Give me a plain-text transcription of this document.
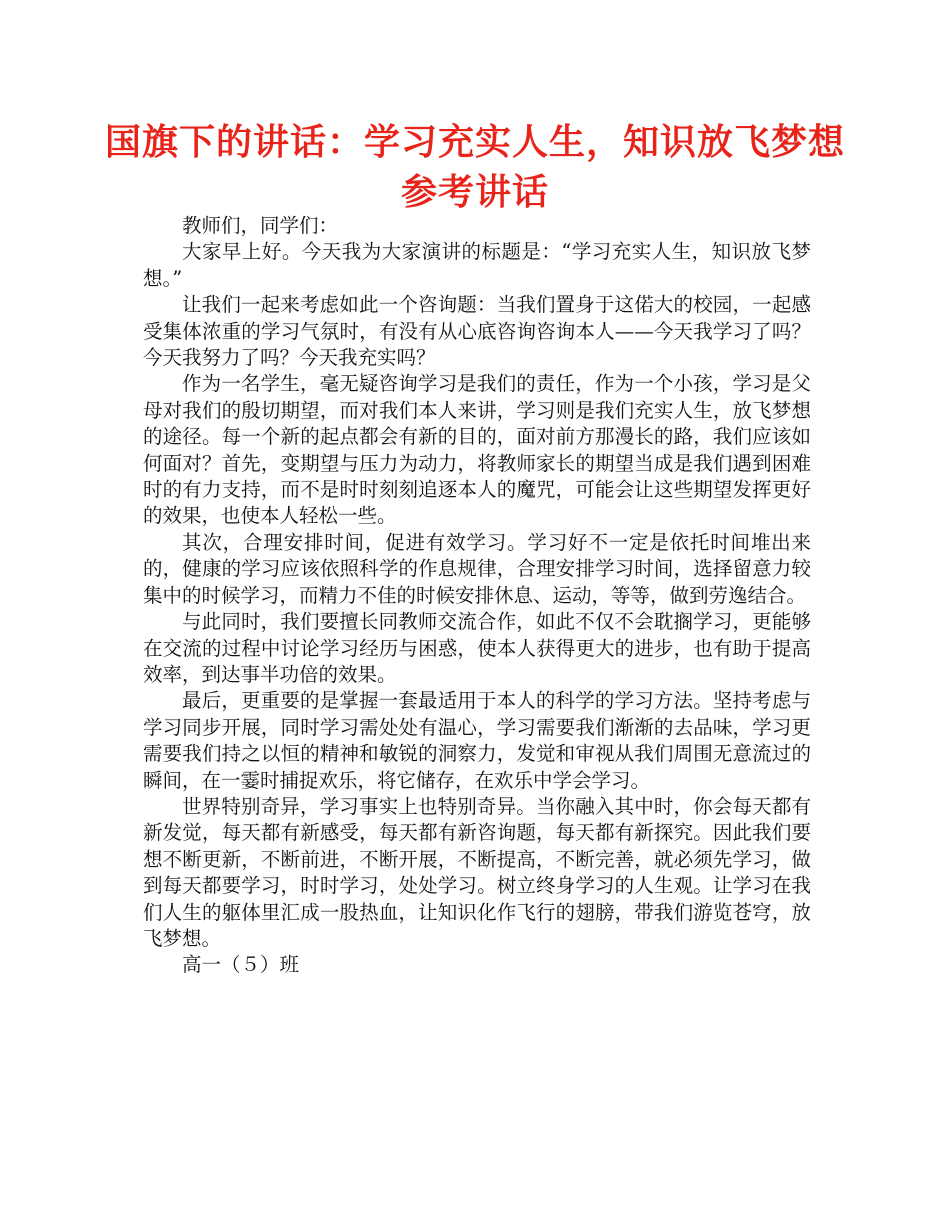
国旗下的讲话：学习充实人生，知识放飞梦想参考讲话

教师们，同学们：

大家早上好。今天我为大家演讲的标题是：“学习充实人生，知识放飞梦想。”

让我们一起来考虑如此一个咨询题：当我们置身于这偌大的校园，一起感受集体浓重的学习气氛时，有没有从心底咨询咨询本人——今天我学习了吗？今天我努力了吗？今天我充实吗？

作为一名学生，毫无疑咨询学习是我们的责任，作为一个小孩，学习是父母对我们的殷切期望，而对我们本人来讲，学习则是我们充实人生，放飞梦想的途径。每一个新的起点都会有新的目的，面对前方那漫长的路，我们应该如何面对？首先，变期望与压力为动力，将教师家长的期望当成是我们遇到困难时的有力支持，而不是时时刻刻追逐本人的魔咒，可能会让这些期望发挥更好的效果，也使本人轻松一些。

其次，合理安排时间，促进有效学习。学习好不一定是依托时间堆出来的，健康的学习应该依照科学的作息规律，合理安排学习时间，选择留意力较集中的时候学习，而精力不佳的时候安排休息、运动，等等，做到劳逸结合。

与此同时，我们要擅长同教师交流合作，如此不仅不会耽搁学习，更能够在交流的过程中讨论学习经历与困惑，使本人获得更大的进步，也有助于提高效率，到达事半功倍的效果。

最后，更重要的是掌握一套最适用于本人的科学的学习方法。坚持考虑与学习同步开展，同时学习需处处有温心，学习需要我们渐渐的去品味，学习更需要我们持之以恒的精神和敏锐的洞察力，发觉和审视从我们周围无意流过的瞬间，在一霎时捕捉欢乐，将它储存，在欢乐中学会学习。

世界特别奇异，学习事实上也特别奇异。当你融入其中时，你会每天都有新发觉，每天都有新感受，每天都有新咨询题，每天都有新探究。因此我们要想不断更新，不断前进，不断开展，不断提高，不断完善，就必须先学习，做到每天都要学习，时时学习，处处学习。树立终身学习的人生观。让学习在我们人生的躯体里汇成一股热血，让知识化作飞行的翅膀，带我们游览苍穹，放飞梦想。

高一（５）班
